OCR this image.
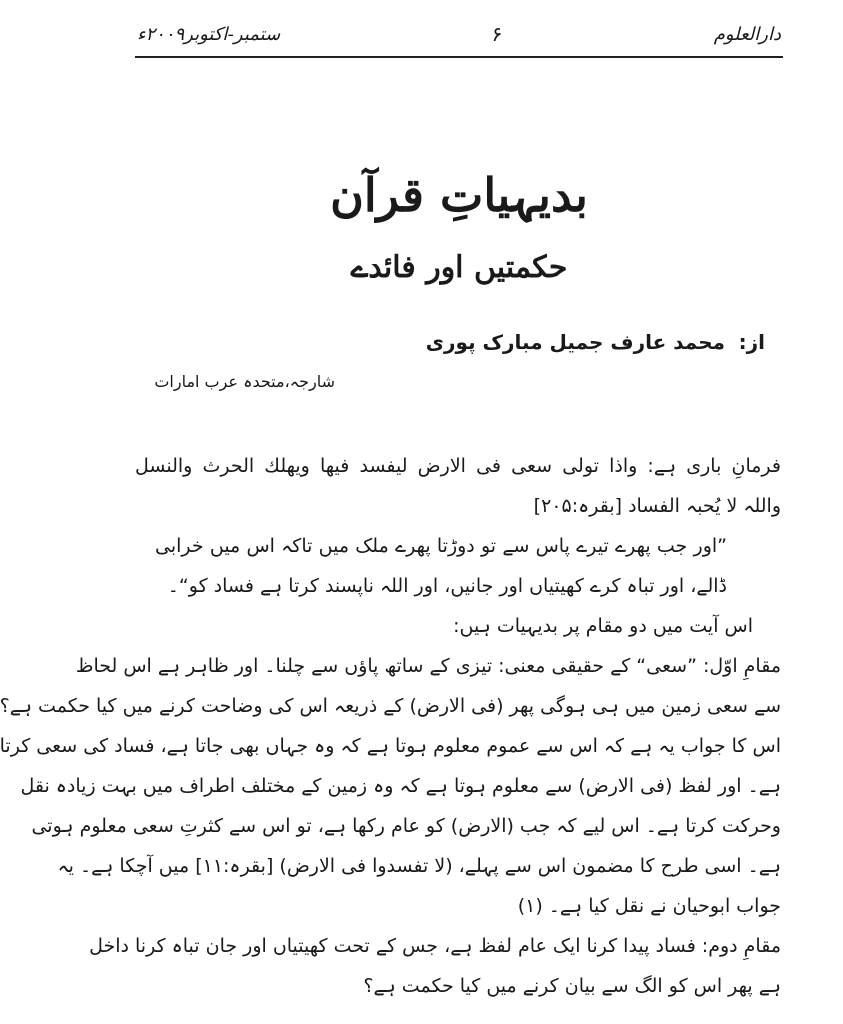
دارالعلوم
۶
ستمبر-اکتوبر۲۰۰۹ء
بدیہیاتِ قرآن
حکمتیں اور فائدے
از:
محمد عارف جمیل مبارک پوری
شارجہ،متحدہ عرب امارات
فرمانِ باری ہے: واذا تولی سعی فی الارض لیفسد فیھا ویھلك الحرث والنسل
واللہ لا یُحبہ الفساد [بقرہ:۲۰۵]
”اور جب پھرے تیرے پاس سے تو دوڑتا پھرے ملک میں تاکہ اس میں خرابی
ڈالے، اور تباہ کرے کھیتیاں اور جانیں، اور اللہ ناپسند کرتا ہے فساد کو“۔
اس آیت میں دو مقام پر بدیہیات ہیں:
مقامِ اوّل: ”سعی“ کے حقیقی معنی: تیزی کے ساتھ پاؤں سے چلنا۔ اور ظاہر ہے اس لحاظ
سے سعی زمین میں ہی ہوگی پھر (فی الارض) کے ذریعہ اس کی وضاحت کرنے میں کیا حکمت ہے؟
اس کا جواب یہ ہے کہ اس سے عموم معلوم ہوتا ہے کہ وہ جہاں بھی جاتا ہے، فساد کی سعی کرتا
ہے۔ اور لفظ (فی الارض) سے معلوم ہوتا ہے کہ وہ زمین کے مختلف اطراف میں بہت زیادہ نقل
وحرکت کرتا ہے۔ اس لیے کہ جب (الارض) کو عام رکھا ہے، تو اس سے کثرتِ سعی معلوم ہوتی
ہے۔ اسی طرح کا مضمون اس سے پہلے، (لا تفسدوا فی الارض) [بقرہ:۱۱] میں آچکا ہے۔ یہ
جواب ابوحیان نے نقل کیا ہے۔ (۱)
مقامِ دوم: فساد پیدا کرنا ایک عام لفظ ہے، جس کے تحت کھیتیاں اور جان تباہ کرنا داخل
ہے پھر اس کو الگ سے بیان کرنے میں کیا حکمت ہے؟
